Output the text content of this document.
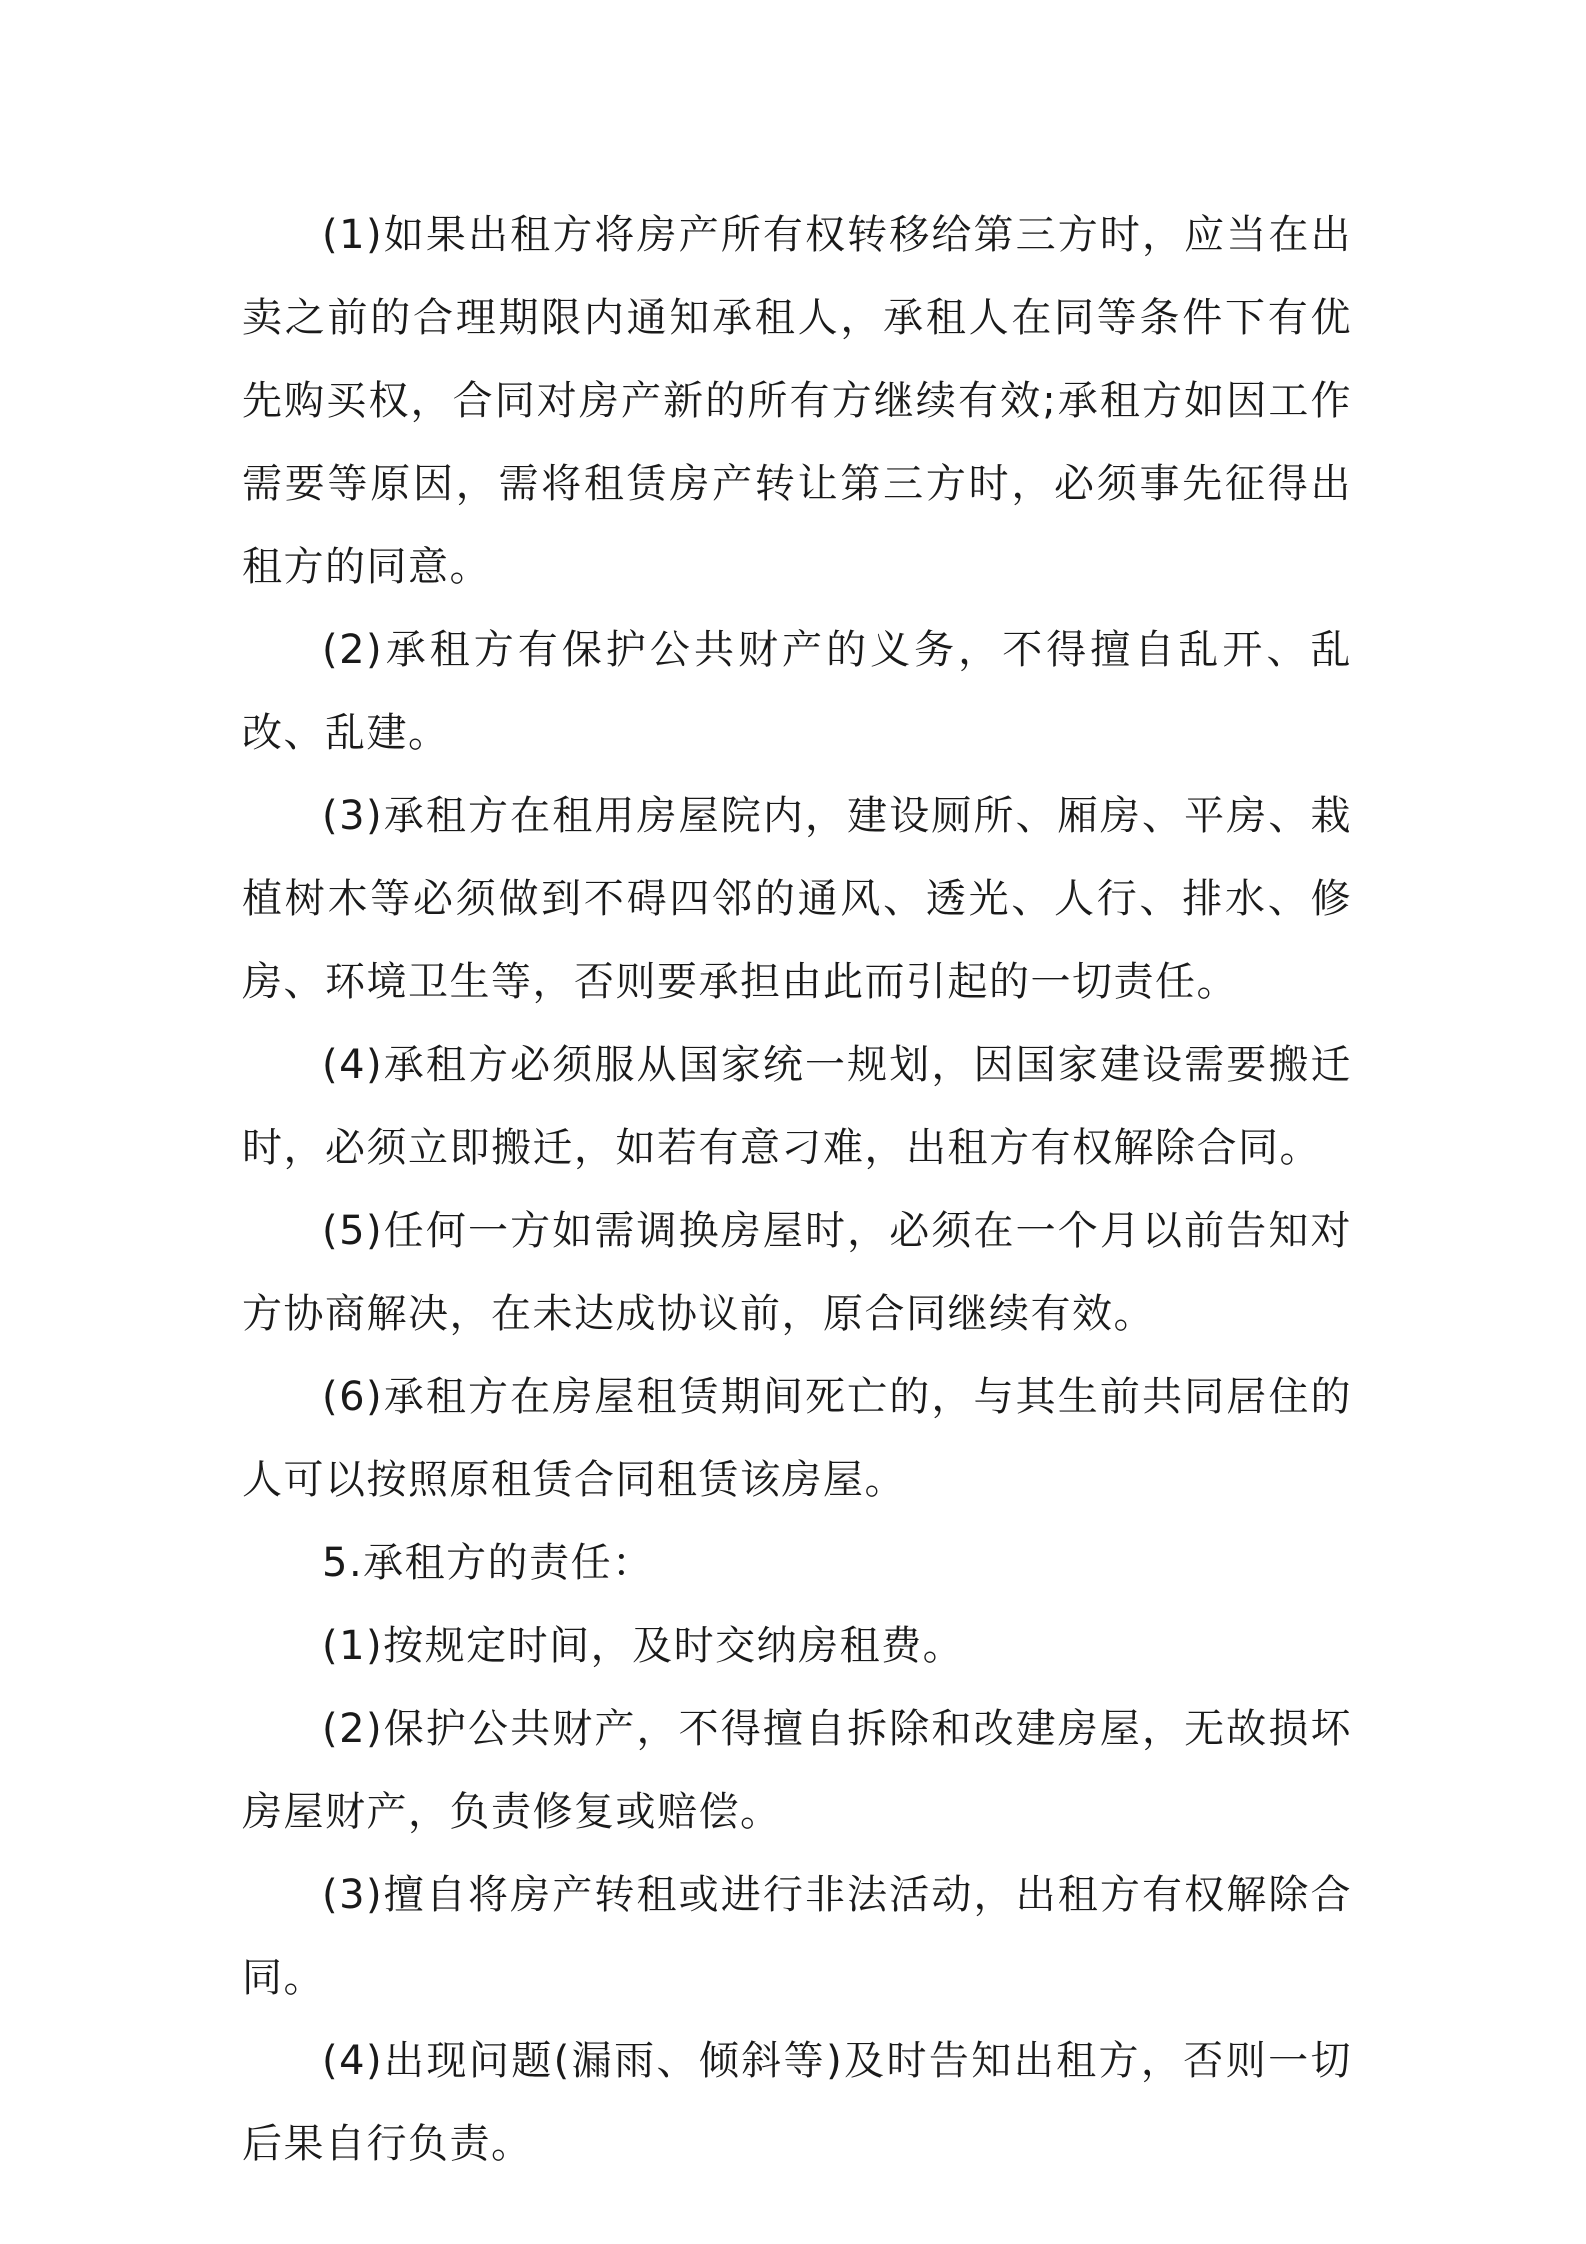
(1)如果出租方将房产所有权转移给第三方时，应当在出卖之前的合理期限内通知承租人，承租人在同等条件下有优先购买权，合同对房产新的所有方继续有效;承租方如因工作需要等原因，需将租赁房产转让第三方时，必须事先征得出租方的同意。

(2)承租方有保护公共财产的义务，不得擅自乱开、乱改、乱建。

(3)承租方在租用房屋院内，建设厕所、厢房、平房、栽植树木等必须做到不碍四邻的通风、透光、人行、排水、修房、环境卫生等，否则要承担由此而引起的一切责任。

(4)承租方必须服从国家统一规划，因国家建设需要搬迁时，必须立即搬迁，如若有意刁难，出租方有权解除合同。

(5)任何一方如需调换房屋时，必须在一个月以前告知对方协商解决，在未达成协议前，原合同继续有效。

(6)承租方在房屋租赁期间死亡的，与其生前共同居住的人可以按照原租赁合同租赁该房屋。

5.承租方的责任：

(1)按规定时间，及时交纳房租费。

(2)保护公共财产，不得擅自拆除和改建房屋，无故损坏房屋财产，负责修复或赔偿。

(3)擅自将房产转租或进行非法活动，出租方有权解除合同。

(4)出现问题(漏雨、倾斜等)及时告知出租方，否则一切后果自行负责。
